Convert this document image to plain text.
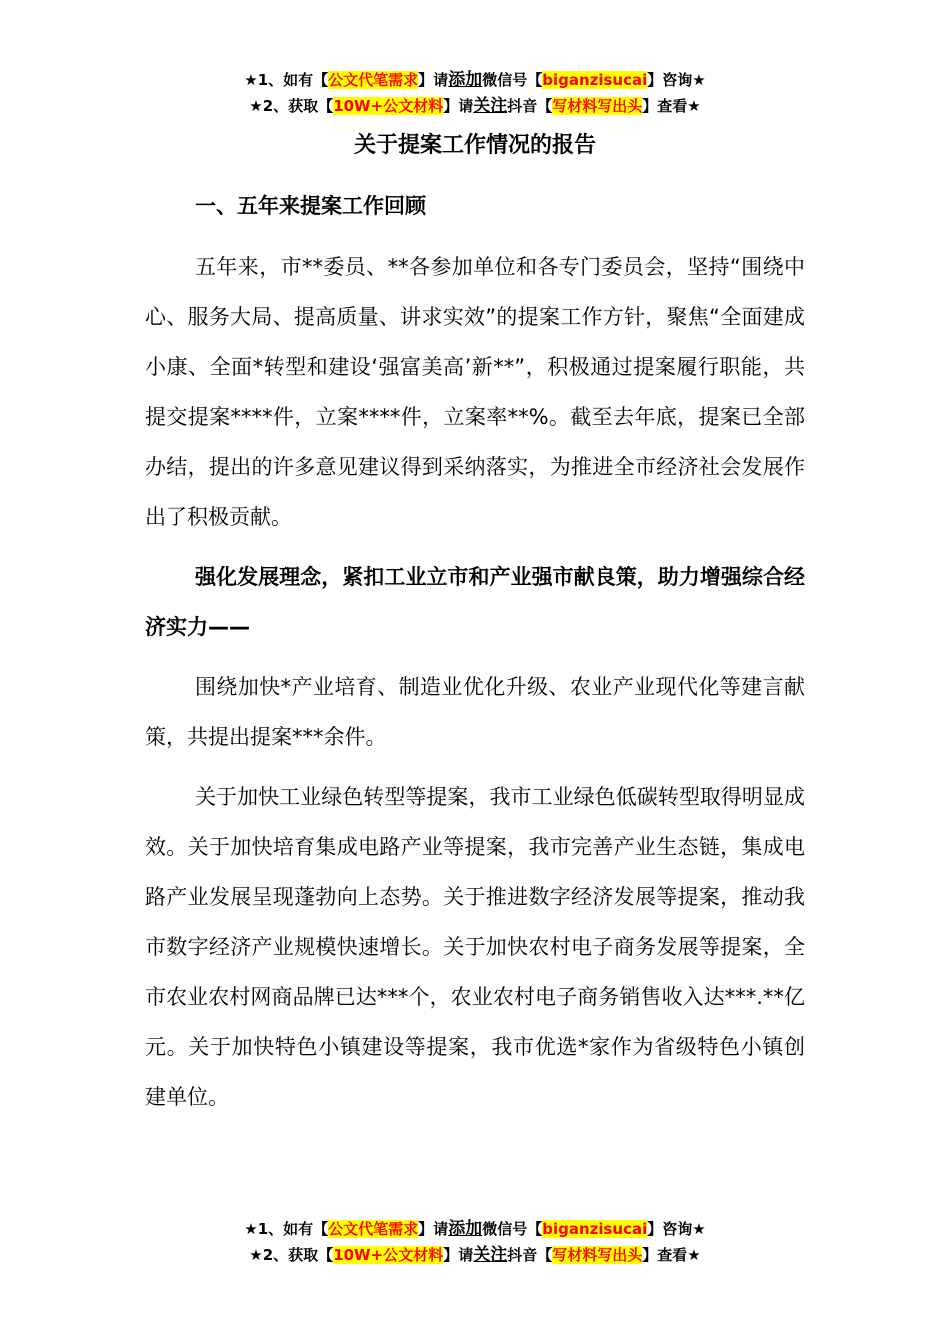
★1、如有【公文代笔需求】请添加微信号【biganzisucai】咨询★
★2、获取【10W+公文材料】请关注抖音【写材料写出头】查看★
关于提案工作情况的报告
一、五年来提案工作回顾

五年来，市**委员、**各参加单位和各专门委员会，坚持“围绕中心、服务大局、提高质量、讲求实效”的提案工作方针，聚焦“全面建成小康、全面*转型和建设‘强富美高’新**”，积极通过提案履行职能，共提交提案****件，立案****件，立案率**%。截至去年底，提案已全部办结，提出的许多意见建议得到采纳落实，为推进全市经济社会发展作出了积极贡献。

强化发展理念，紧扣工业立市和产业强市献良策，助力增强综合经济实力——

围绕加快*产业培育、制造业优化升级、农业产业现代化等建言献策，共提出提案***余件。

关于加快工业绿色转型等提案，我市工业绿色低碳转型取得明显成效。关于加快培育集成电路产业等提案，我市完善产业生态链，集成电路产业发展呈现蓬勃向上态势。关于推进数字经济发展等提案，推动我市数字经济产业规模快速增长。关于加快农村电子商务发展等提案，全市农业农村网商品牌已达***个，农业农村电子商务销售收入达***.**亿元。关于加快特色小镇建设等提案，我市优选*家作为省级特色小镇创建单位。

★1、如有【公文代笔需求】请添加微信号【biganzisucai】咨询★
★2、获取【10W+公文材料】请关注抖音【写材料写出头】查看★
